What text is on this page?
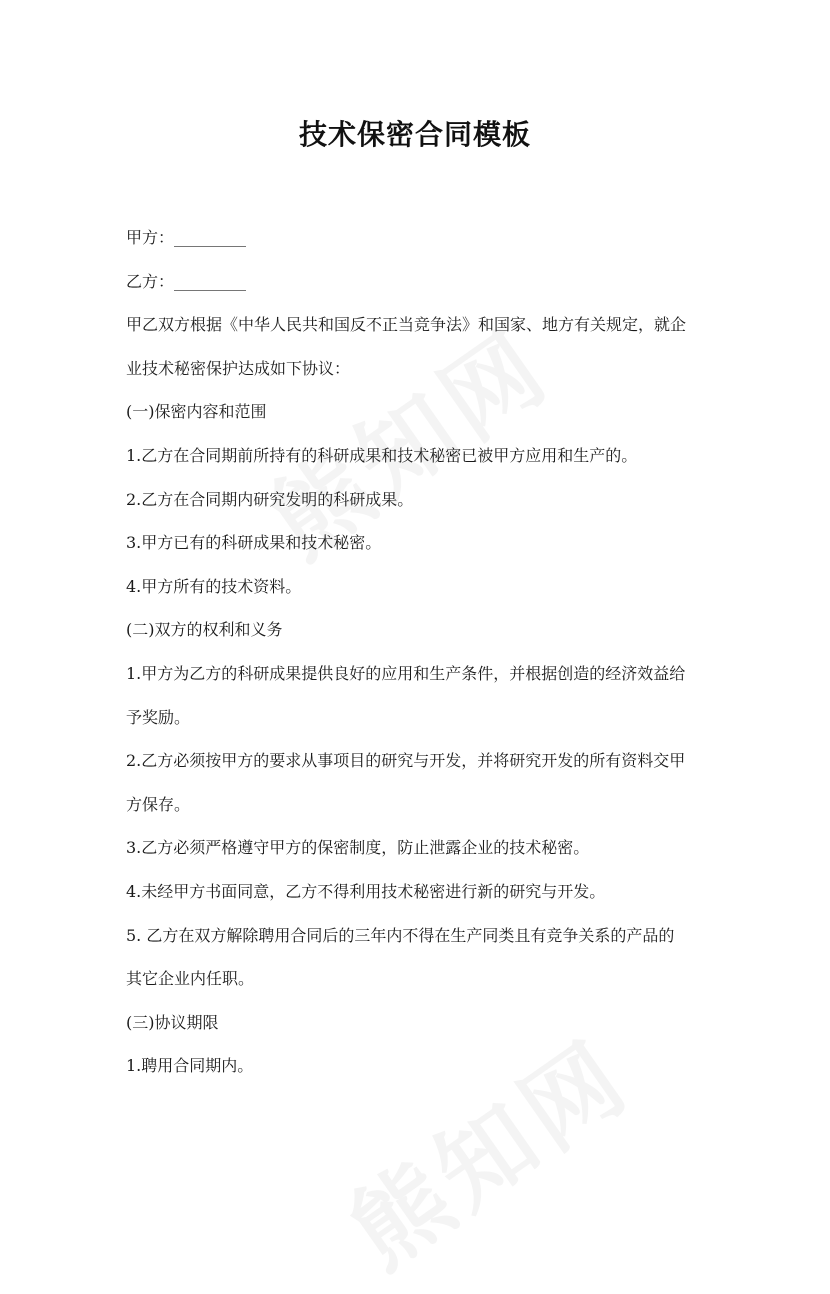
技术保密合同模板

甲方：_________

乙方：_________

甲乙双方根据《中华人民共和国反不正当竞争法》和国家、地方有关规定，就企

业技术秘密保护达成如下协议：

(一)保密内容和范围

1.乙方在合同期前所持有的科研成果和技术秘密已被甲方应用和生产的。

2.乙方在合同期内研究发明的科研成果。

3.甲方已有的科研成果和技术秘密。

4.甲方所有的技术资料。

(二)双方的权利和义务

1.甲方为乙方的科研成果提供良好的应用和生产条件，并根据创造的经济效益给

予奖励。

2.乙方必须按甲方的要求从事项目的研究与开发，并将研究开发的所有资料交甲

方保存。

3.乙方必须严格遵守甲方的保密制度，防止泄露企业的技术秘密。

4.未经甲方书面同意，乙方不得利用技术秘密进行新的研究与开发。

5. 乙方在双方解除聘用合同后的三年内不得在生产同类且有竞争关系的产品的

其它企业内任职。

(三)协议期限

1.聘用合同期内。
